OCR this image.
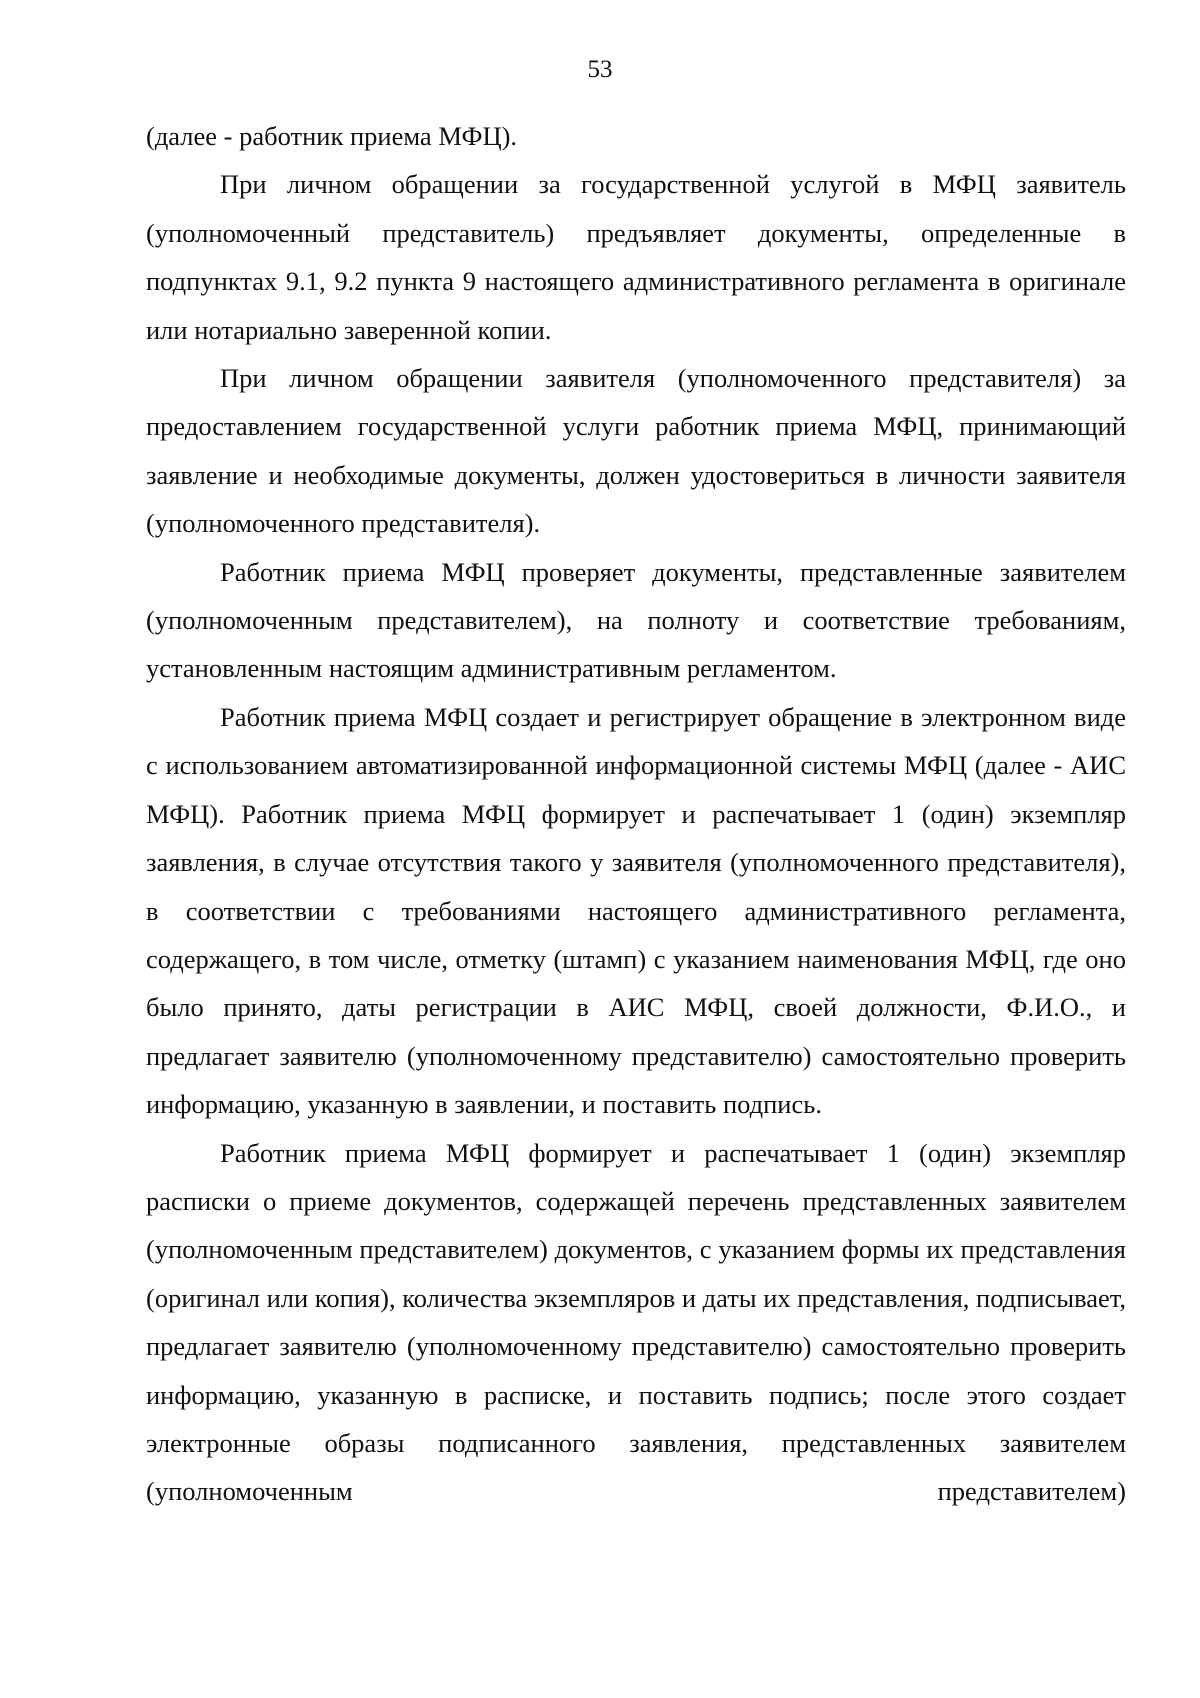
53

(далее - работник приема МФЦ).

При личном обращении за государственной услугой в МФЦ заявитель (уполномоченный представитель) предъявляет документы, определенные в подпунктах 9.1, 9.2 пункта 9 настоящего административного регламента в оригинале или нотариально заверенной копии.

При личном обращении заявителя (уполномоченного представителя) за предоставлением государственной услуги работник приема МФЦ, принимающий заявление и необходимые документы, должен удостовериться в личности заявителя (уполномоченного представителя).

Работник приема МФЦ проверяет документы, представленные заявителем (уполномоченным представителем), на полноту и соответствие требованиям, установленным настоящим административным регламентом.

Работник приема МФЦ создает и регистрирует обращение в электронном виде с использованием автоматизированной информационной системы МФЦ (далее - АИС МФЦ). Работник приема МФЦ формирует и распечатывает 1 (один) экземпляр заявления, в случае отсутствия такого у заявителя (уполномоченного представителя), в соответствии с требованиями настоящего административного регламента, содержащего, в том числе, отметку (штамп) с указанием наименования МФЦ, где оно было принято, даты регистрации в АИС МФЦ, своей должности, Ф.И.О., и предлагает заявителю (уполномоченному представителю) самостоятельно проверить информацию, указанную в заявлении, и поставить подпись.

Работник приема МФЦ формирует и распечатывает 1 (один) экземпляр расписки о приеме документов, содержащей перечень представленных заявителем (уполномоченным представителем) документов, с указанием формы их представления (оригинал или копия), количества экземпляров и даты их представления, подписывает, предлагает заявителю (уполномоченному представителю) самостоятельно проверить информацию, указанную в расписке, и поставить подпись; после этого создает электронные образы подписанного заявления, представленных заявителем (уполномоченным представителем)
